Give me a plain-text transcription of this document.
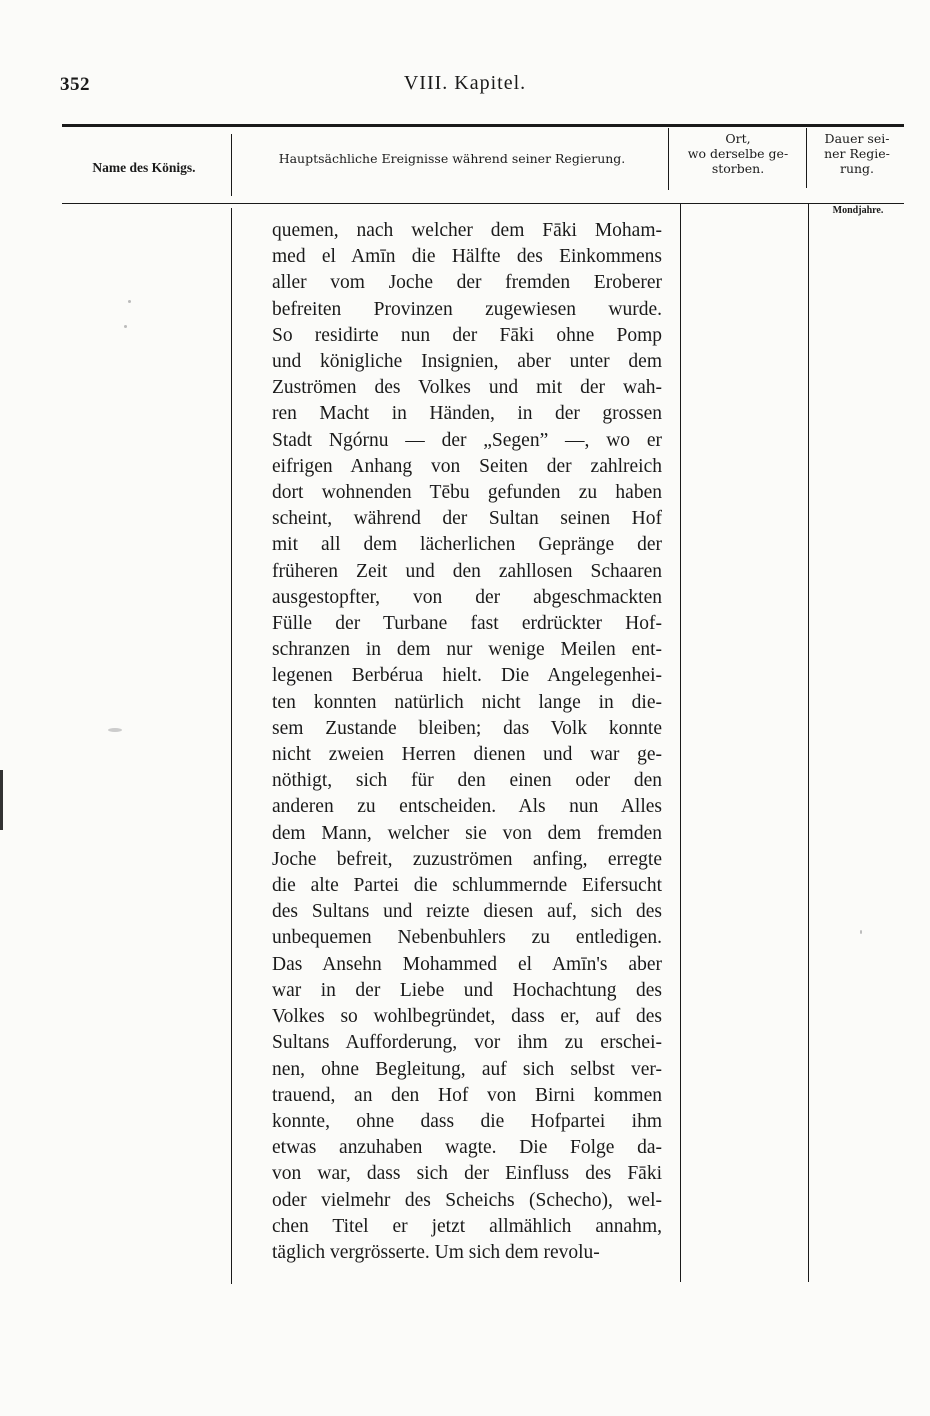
352	VIII. Kapitel.
Name des Königs.
Hauptsächliche Ereignisse während seiner Regierung.
Ort,
wo derselbe ge-
storben.
Dauer sei-
ner Regie-
rung.
Mondjahre.
quemen, nach welcher dem Fāki Moham-
med el Amīn die Hälfte des Einkommens
aller vom Joche der fremden Eroberer
befreiten Provinzen zugewiesen wurde.
So residirte nun der Fāki ohne Pomp
und königliche Insignien, aber unter dem
Zuströmen des Volkes und mit der wah-
ren Macht in Händen, in der grossen
Stadt Ngórnu — der „Segen” —, wo er
eifrigen Anhang von Seiten der zahlreich
dort wohnenden Tēbu gefunden zu haben
scheint, während der Sultan seinen Hof
mit all dem lächerlichen Gepränge der
früheren Zeit und den zahllosen Schaaren
ausgestopfter, von der abgeschmackten
Fülle der Turbane fast erdrückter Hof-
schranzen in dem nur wenige Meilen ent-
legenen Berbérua hielt. Die Angelegenhei-
ten konnten natürlich nicht lange in die-
sem Zustande bleiben; das Volk konnte
nicht zweien Herren dienen und war ge-
nöthigt, sich für den einen oder den
anderen zu entscheiden. Als nun Alles
dem Mann, welcher sie von dem fremden
Joche befreit, zuzuströmen anfing, erregte
die alte Partei die schlummernde Eifersucht
des Sultans und reizte diesen auf, sich des
unbequemen Nebenbuhlers zu entledigen.
Das Ansehn Mohammed el Amīn's aber
war in der Liebe und Hochachtung des
Volkes so wohlbegründet, dass er, auf des
Sultans Aufforderung, vor ihm zu erschei-
nen, ohne Begleitung, auf sich selbst ver-
trauend, an den Hof von Birni kommen
konnte, ohne dass die Hofpartei ihm
etwas anzuhaben wagte. Die Folge da-
von war, dass sich der Einfluss des Fāki
oder vielmehr des Scheichs (Schecho), wel-
chen Titel er jetzt allmählich annahm,
täglich vergrösserte. Um sich dem revolu-
